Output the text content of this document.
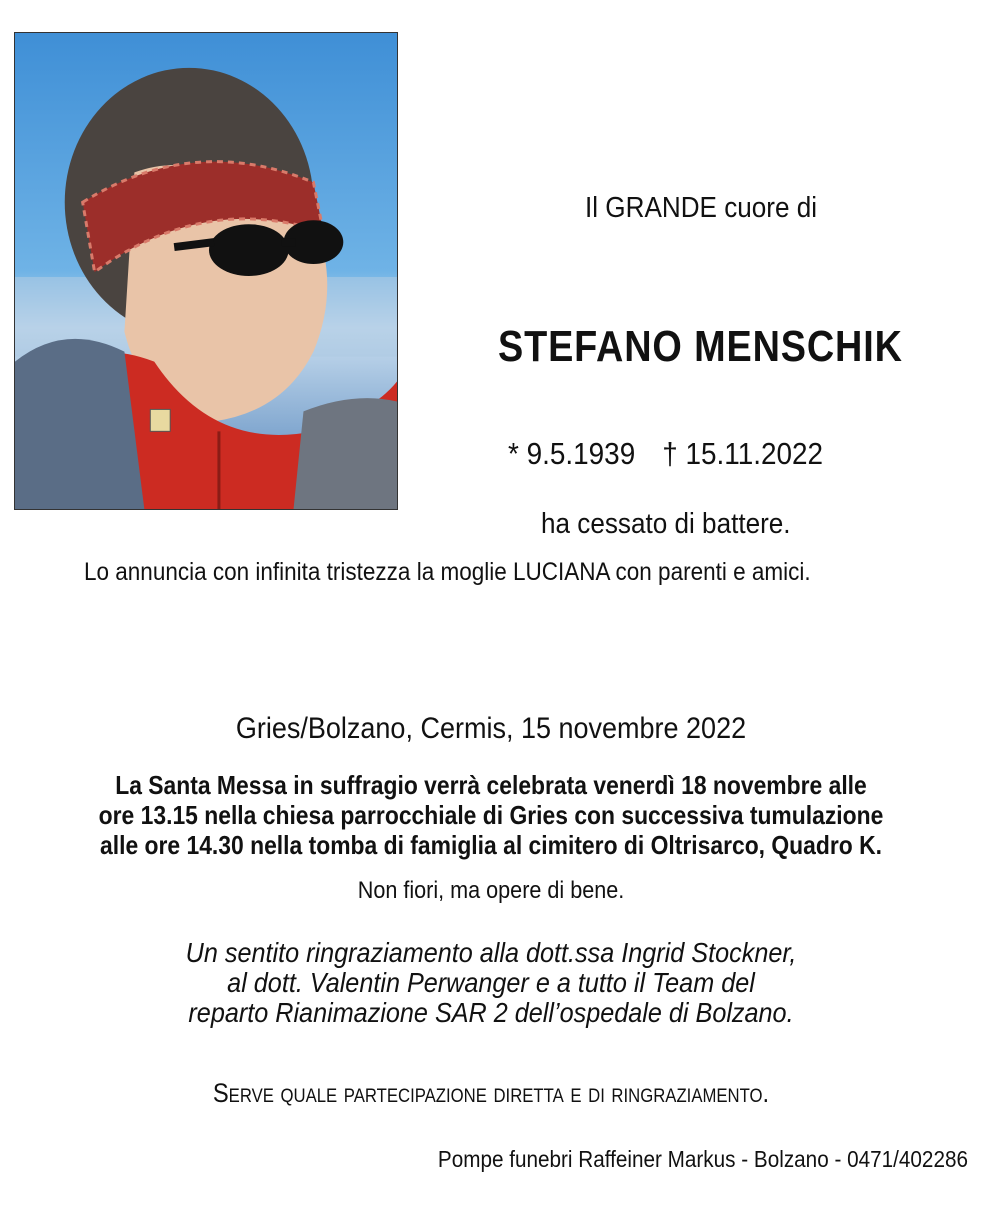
Il GRANDE cuore di
STEFANO MENSCHIK
* 9.5.1939 † 15.11.2022
ha cessato di battere.
Lo annuncia con infinita tristezza la moglie LUCIANA con parenti e amici.
Gries/Bolzano, Cermis, 15 novembre 2022
La Santa Messa in suffragio verrà celebrata venerdì 18 novembre alle
ore 13.15 nella chiesa parrocchiale di Gries con successiva tumulazione
alle ore 14.30 nella tomba di famiglia al cimitero di Oltrisarco, Quadro K.
Non fiori, ma opere di bene.
Un sentito ringraziamento alla dott.ssa Ingrid Stockner,
al dott. Valentin Perwanger e a tutto il Team del
reparto Rianimazione SAR 2 dell’ospedale di Bolzano.
Serve quale partecipazione diretta e di ringraziamento.
Pompe funebri Raffeiner Markus - Bolzano - 0471/402286
